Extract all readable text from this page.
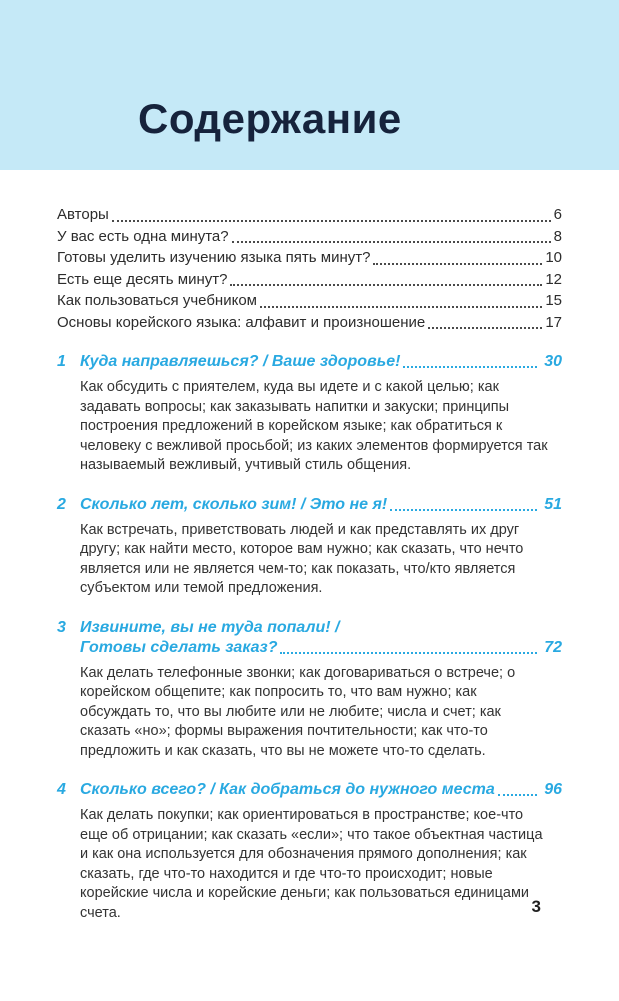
Содержание
Авторы	6
У вас есть одна минута?	8
Готовы уделить изучению языка пять минут?	10
Есть еще десять минут?	12
Как пользоваться учебником	15
Основы корейского языка: алфавит и произношение	17
1 Куда направляешься? / Ваше здоровье!	30

Как обсудить с приятелем, куда вы идете и с какой целью; как задавать вопросы; как заказывать напитки и закуски; принципы построения предложений в корейском языке; как обратиться к человеку с вежливой просьбой; из каких элементов формируется так называемый вежливый, учтивый стиль общения.

2 Сколько лет, сколько зим! / Это не я!	51

Как встречать, приветствовать людей и как представлять их друг другу; как найти место, которое вам нужно; как сказать, что нечто является или не является чем-то; как показать, что/кто является субъектом или темой предложения.

3 Извините, вы не туда попали! /
Готовы сделать заказ?	72

Как делать телефонные звонки; как договариваться о встрече; о корейском общепите; как попросить то, что вам нужно; как обсуждать то, что вы любите или не любите; числа и счет; как сказать «но»; формы выражения почтительности; как что-то предложить и как сказать, что вы не можете что-то сделать.

4 Сколько всего? / Как добраться до нужного места	96

Как делать покупки; как ориентироваться в пространстве; кое-что еще об отрицании; как сказать «если»; что такое объектная частица и как она используется для обозначения прямого дополнения; как сказать, где что-то находится и где что-то происходит; новые корейские числа и корейские деньги; как пользоваться единицами счета.	3
